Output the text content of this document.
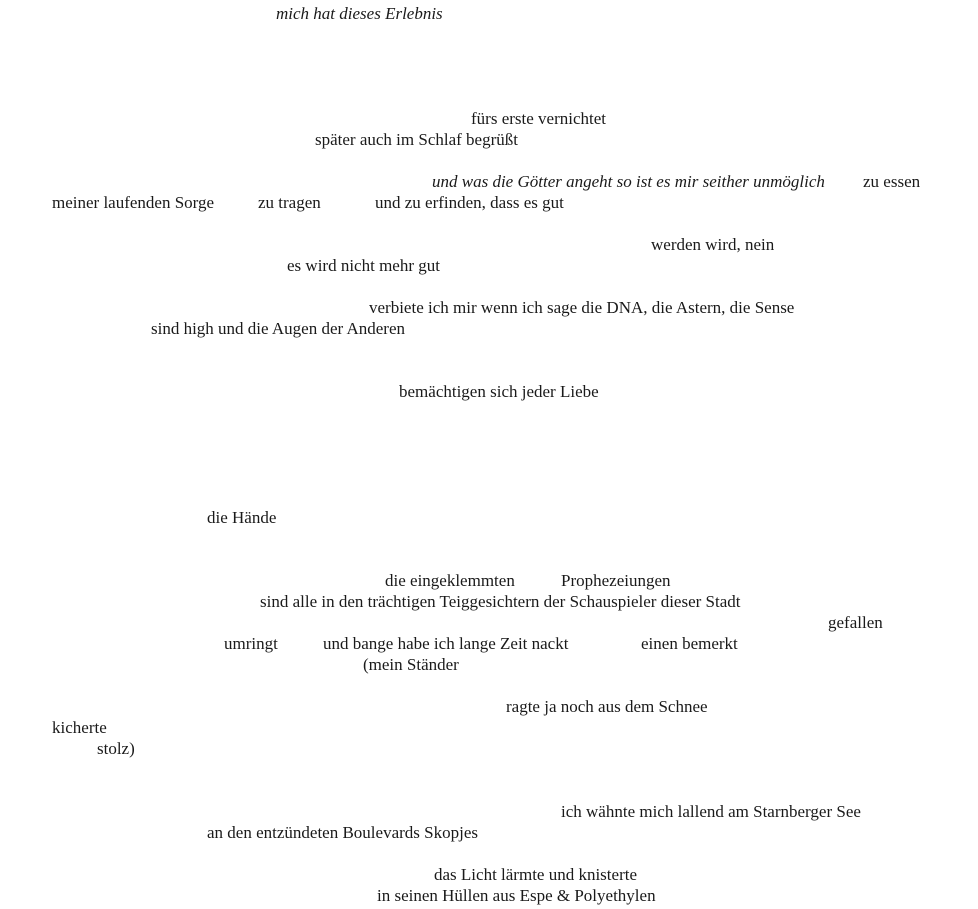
mich hat dieses Erlebnis
fürs erste vernichtet
später auch im Schlaf begrüßt
und was die Götter angeht so ist es mir seither unmöglich zu essen
meiner laufenden Sorge	zu tragen	und zu erfinden, dass es gut
werden wird, nein
es wird nicht mehr gut
verbiete ich mir wenn ich sage die DNA, die Astern, die Sense
sind high und die Augen der Anderen
bemächtigen sich jeder Liebe
die Hände
die eingeklemmten	Prophezeiungen
sind alle in den trächtigen Teiggesichtern der Schauspieler dieser Stadt
gefallen
umringt	und bange habe ich lange Zeit nackt	einen bemerkt
(mein Ständer
ragte ja noch aus dem Schnee
kicherte
stolz)
ich wähnte mich lallend am Starnberger See
an den entzündeten Boulevards Skopjes
das Licht lärmte und knisterte
in seinen Hüllen aus Espe & Polyethylen
